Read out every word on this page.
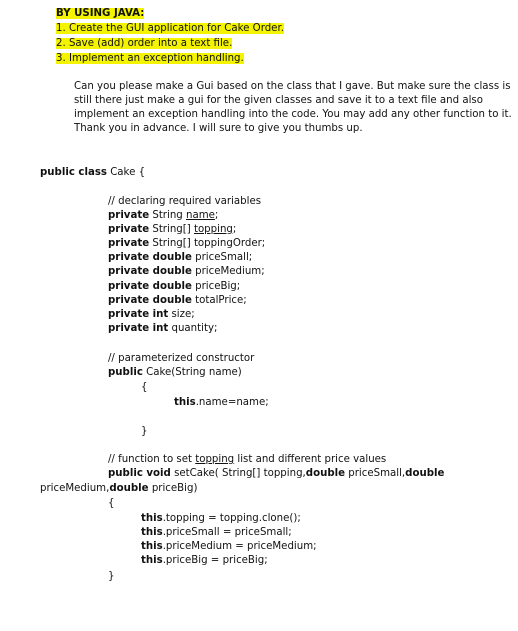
BY USING JAVA:
1. Create the GUI application for Cake Order.
2. Save (add) order into a text file.
3. Implement an exception handling.
Can you please make a Gui based on the class that I gave. But make sure the class is
still there just make a gui for the given classes and save it to a text file and also
implement an exception handling into the code. You may add any other function to it.
Thank you in advance. I will sure to give you thumbs up.
public class Cake {
// declaring required variables
private String name;
private String[] topping;
private String[] toppingOrder;
private double priceSmall;
private double priceMedium;
private double priceBig;
private double totalPrice;
private int size;
private int quantity;
// parameterized constructor
public Cake(String name)
{
this.name=name;
}
// function to set topping list and different price values
public void setCake( String[] topping,double priceSmall,double
priceMedium,double priceBig)
{
this.topping = topping.clone();
this.priceSmall = priceSmall;
this.priceMedium = priceMedium;
this.priceBig = priceBig;
}
